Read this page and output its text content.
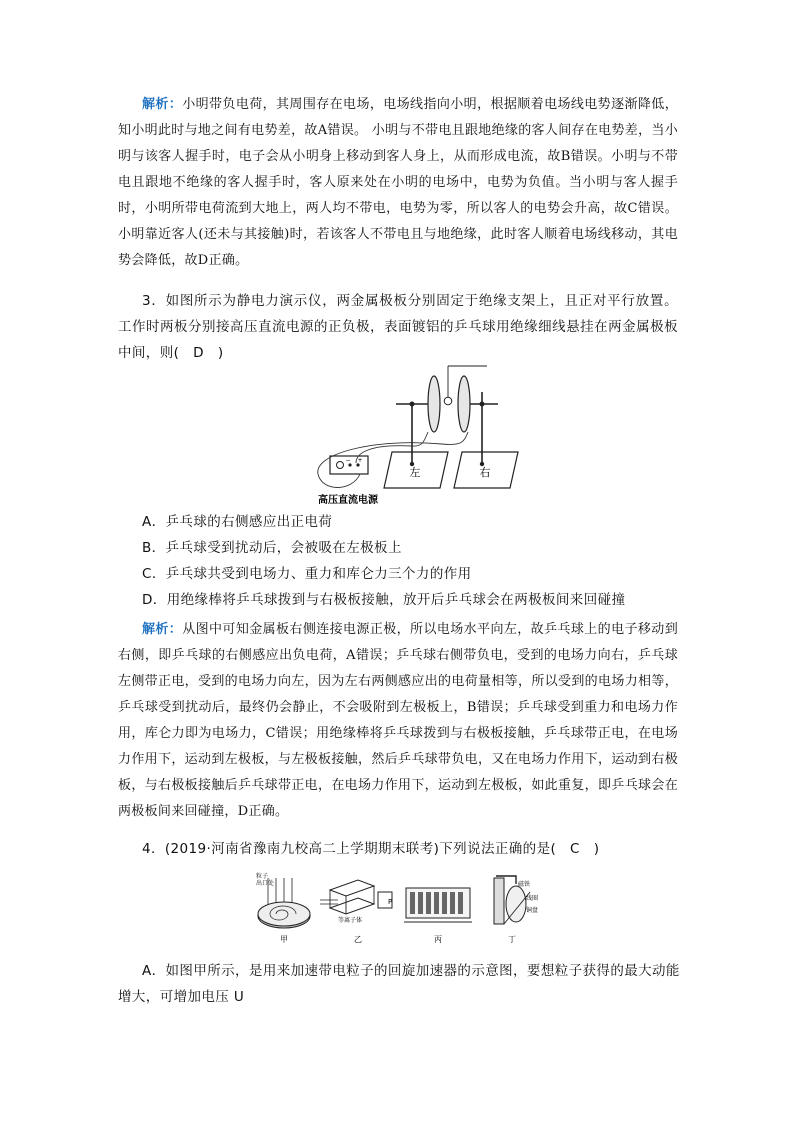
解析：小明带负电荷，其周围存在电场，电场线指向小明，根据顺着电场线电势逐渐降低，知小明此时与地之间有电势差，故A错误。 小明与不带电且跟地绝缘的客人间存在电势差，当小明与该客人握手时，电子会从小明身上移动到客人身上，从而形成电流，故B错误。小明与不带电且跟地不绝缘的客人握手时，客人原来处在小明的电场中，电势为负值。当小明与客人握手时，小明所带电荷流到大地上，两人均不带电，电势为零，所以客人的电势会升高，故C错误。 小明靠近客人(还未与其接触)时，若该客人不带电且与地绝缘，此时客人顺着电场线移动，其电势会降低，故D正确。

3．如图所示为静电力演示仪，两金属极板分别固定于绝缘支架上，且正对平行放置。工作时两板分别接高压直流电源的正负极，表面镀铝的乒乓球用绝缘细线悬挂在两金属极板中间，则(　D　)

− +
左	右
高压直流电源

A．乒乓球的右侧感应出正电荷

B．乒乓球受到扰动后，会被吸在左极板上

C．乒乓球共受到电场力、重力和库仑力三个力的作用

D．用绝缘棒将乒乓球拨到与右极板接触，放开后乒乓球会在两极板间来回碰撞

解析：从图中可知金属板右侧连接电源正极，所以电场水平向左，故乒乓球上的电子移动到右侧，即乒乓球的右侧感应出负电荷，A错误；乒乓球右侧带负电，受到的电场力向右，乒乓球左侧带正电，受到的电场力向左，因为左右两侧感应出的电荷量相等，所以受到的电场力相等，乒乓球受到扰动后，最终仍会静止，不会吸附到左极板上，B错误；乒乓球受到重力和电场力作用，库仑力即为电场力，C错误；用绝缘棒将乒乓球拨到与右极板接触，乒乓球带正电，在电场力作用下，运动到左极板，与左极板接触，然后乒乓球带负电，又在电场力作用下，运动到右极板，与右极板接触后乒乓球带正电，在电场力作用下，运动到左极板，如此重复，即乒乓球会在两极板间来回碰撞，D正确。

4．(2019·河南省豫南九校高二上学期期末联考)下列说法正确的是(　C　)

粒子
出口处
甲
P
等离子体
乙	丙
磁铁
线圈
铜盘
丁

A．如图甲所示，是用来加速带电粒子的回旋加速器的示意图，要想粒子获得的最大动能

增大，可增加电压 U
